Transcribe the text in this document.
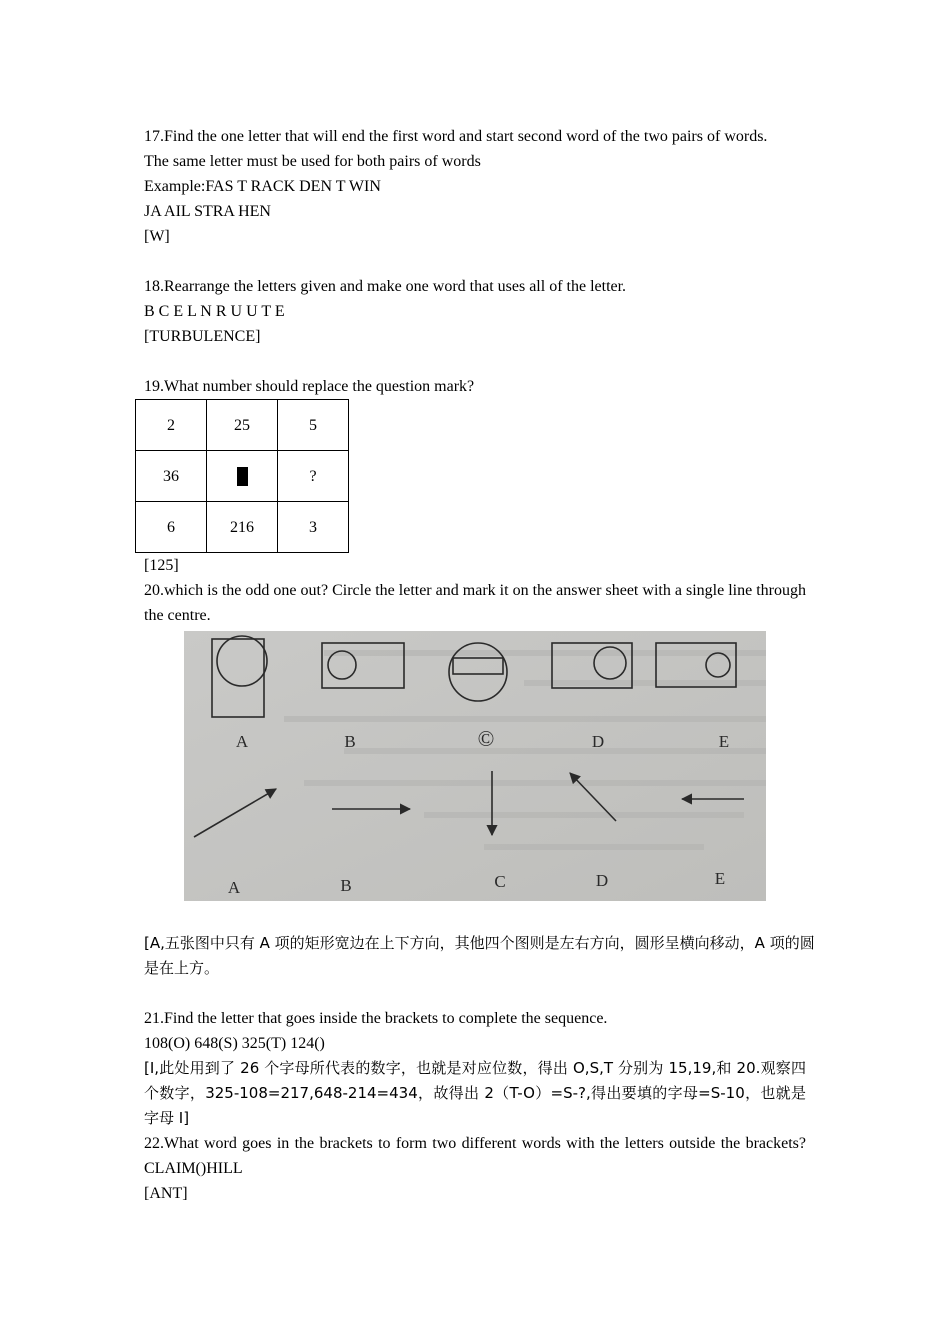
17.Find the one letter that will end the first word and start second word of the two pairs of words.
The same letter must be used for both pairs of words
Example:FAS T RACK DEN T WIN
JA AIL STRA HEN
[W]
18.Rearrange the letters given and make one word that uses all of the letter.
B C E L N R U U T E
[TURBULENCE]
19.What number should replace the question mark?
2	25	5
36		?
6	216	3
[125]
20.which is the odd one out? Circle the letter and mark it on the answer sheet with a single line through the centre.
A	B	©	D	E
A	B	C	D	E
[A,五张图中只有 A 项的矩形宽边在上下方向，其他四个图则是左右方向，圆形呈横向移动，A 项的圆是在上方。
21.Find the letter that goes inside the brackets to complete the sequence.
108(O) 648(S) 325(T) 124()
[I,此处用到了 26 个字母所代表的数字，也就是对应位数，得出 O,S,T 分别为 15,19,和 20.观察四个数字，325-108=217,648-214=434，故得出 2（T-O）=S-?,得出要填的字母=S-10，也就是字母 I]
22.What word goes in the brackets to form two different words with the letters outside the brackets? CLAIM()HILL
[ANT]
